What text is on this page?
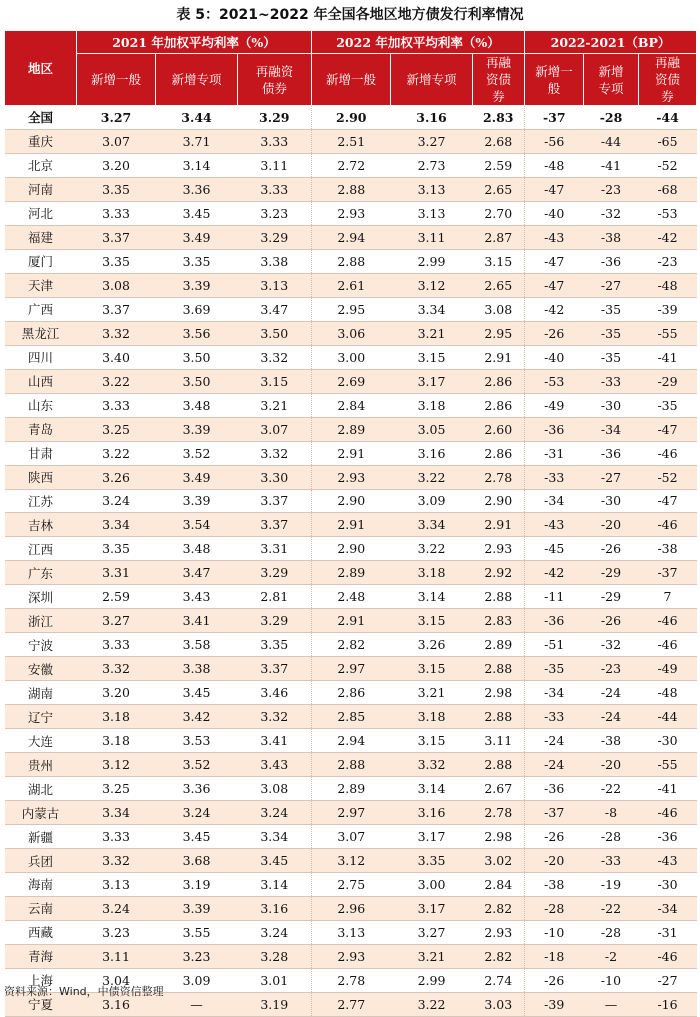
表 5：2021~2022 年全国各地区地方债发行利率情况
地区	2021 年加权平均利率（%）			2022 年加权平均利率（%）			2022-2021（BP）		
	新增一般	新增专项	再融资债券	新增一般	新增专项	再融资债券	新增一般	新增专项	再融资债券
全国	3.27	3.44	3.29	2.90	3.16	2.83	-37	-28	-44
重庆	3.07	3.71	3.33	2.51	3.27	2.68	-56	-44	-65
北京	3.20	3.14	3.11	2.72	2.73	2.59	-48	-41	-52
河南	3.35	3.36	3.33	2.88	3.13	2.65	-47	-23	-68
河北	3.33	3.45	3.23	2.93	3.13	2.70	-40	-32	-53
福建	3.37	3.49	3.29	2.94	3.11	2.87	-43	-38	-42
厦门	3.35	3.35	3.38	2.88	2.99	3.15	-47	-36	-23
天津	3.08	3.39	3.13	2.61	3.12	2.65	-47	-27	-48
广西	3.37	3.69	3.47	2.95	3.34	3.08	-42	-35	-39
黑龙江	3.32	3.56	3.50	3.06	3.21	2.95	-26	-35	-55
四川	3.40	3.50	3.32	3.00	3.15	2.91	-40	-35	-41
山西	3.22	3.50	3.15	2.69	3.17	2.86	-53	-33	-29
山东	3.33	3.48	3.21	2.84	3.18	2.86	-49	-30	-35
青岛	3.25	3.39	3.07	2.89	3.05	2.60	-36	-34	-47
甘肃	3.22	3.52	3.32	2.91	3.16	2.86	-31	-36	-46
陕西	3.26	3.49	3.30	2.93	3.22	2.78	-33	-27	-52
江苏	3.24	3.39	3.37	2.90	3.09	2.90	-34	-30	-47
吉林	3.34	3.54	3.37	2.91	3.34	2.91	-43	-20	-46
江西	3.35	3.48	3.31	2.90	3.22	2.93	-45	-26	-38
广东	3.31	3.47	3.29	2.89	3.18	2.92	-42	-29	-37
深圳	2.59	3.43	2.81	2.48	3.14	2.88	-11	-29	7
浙江	3.27	3.41	3.29	2.91	3.15	2.83	-36	-26	-46
宁波	3.33	3.58	3.35	2.82	3.26	2.89	-51	-32	-46
安徽	3.32	3.38	3.37	2.97	3.15	2.88	-35	-23	-49
湖南	3.20	3.45	3.46	2.86	3.21	2.98	-34	-24	-48
辽宁	3.18	3.42	3.32	2.85	3.18	2.88	-33	-24	-44
大连	3.18	3.53	3.41	2.94	3.15	3.11	-24	-38	-30
贵州	3.12	3.52	3.43	2.88	3.32	2.88	-24	-20	-55
湖北	3.25	3.36	3.08	2.89	3.14	2.67	-36	-22	-41
内蒙古	3.34	3.24	3.24	2.97	3.16	2.78	-37	-8	-46
新疆	3.33	3.45	3.34	3.07	3.17	2.98	-26	-28	-36
兵团	3.32	3.68	3.45	3.12	3.35	3.02	-20	-33	-43
海南	3.13	3.19	3.14	2.75	3.00	2.84	-38	-19	-30
云南	3.24	3.39	3.16	2.96	3.17	2.82	-28	-22	-34
西藏	3.23	3.55	3.24	3.13	3.27	2.93	-10	-28	-31
青海	3.11	3.23	3.28	2.93	3.21	2.82	-18	-2	-46
上海	3.04	3.09	3.01	2.78	2.99	2.74	-26	-10	-27
宁夏	3.16	—	3.19	2.77	3.22	3.03	-39	—	-16
资料来源：Wind，中债资信整理
